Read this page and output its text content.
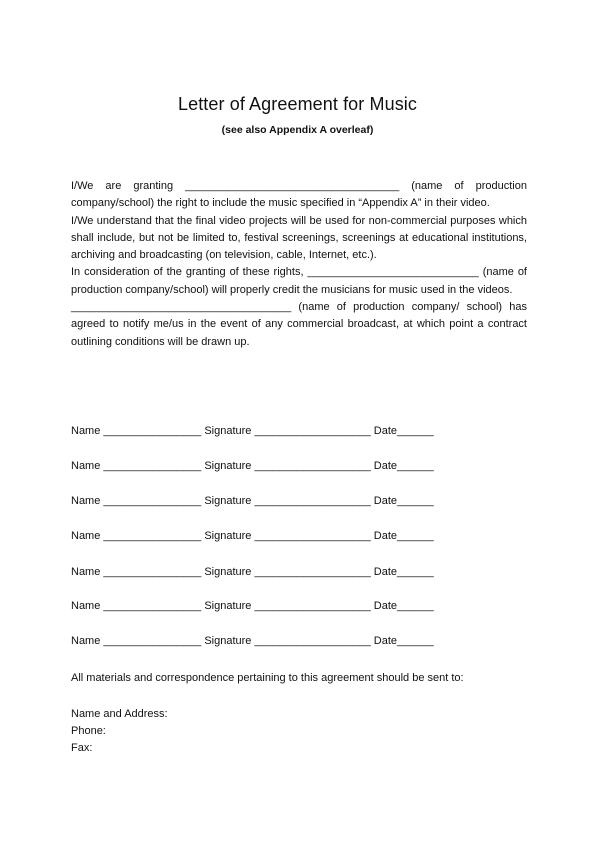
Letter of Agreement for Music
(see also Appendix A overleaf)

I/We are granting ___________________________________ (name of production company/school) the right to include the music specified in “Appendix A” in their video.

I/We understand that the final video projects will be used for non-commercial purposes which shall include, but not be limited to, festival screenings, screenings at educational institutions, archiving and broadcasting (on television, cable, Internet, etc.).

In consideration of the granting of these rights, ____________________________ (name of production company/school) will properly credit the musicians for music used in the videos.

____________________________________ (name of production company/ school) has agreed to notify me/us in the event of any commercial broadcast, at which point a contract outlining conditions will be drawn up.

Name ________________ Signature ___________________ Date______
Name ________________ Signature ___________________ Date______
Name ________________ Signature ___________________ Date______
Name ________________ Signature ___________________ Date______
Name ________________ Signature ___________________ Date______
Name ________________ Signature ___________________ Date______
Name ________________ Signature ___________________ Date______
All materials and correspondence pertaining to this agreement should be sent to:
Name and Address:
Phone:
Fax:
